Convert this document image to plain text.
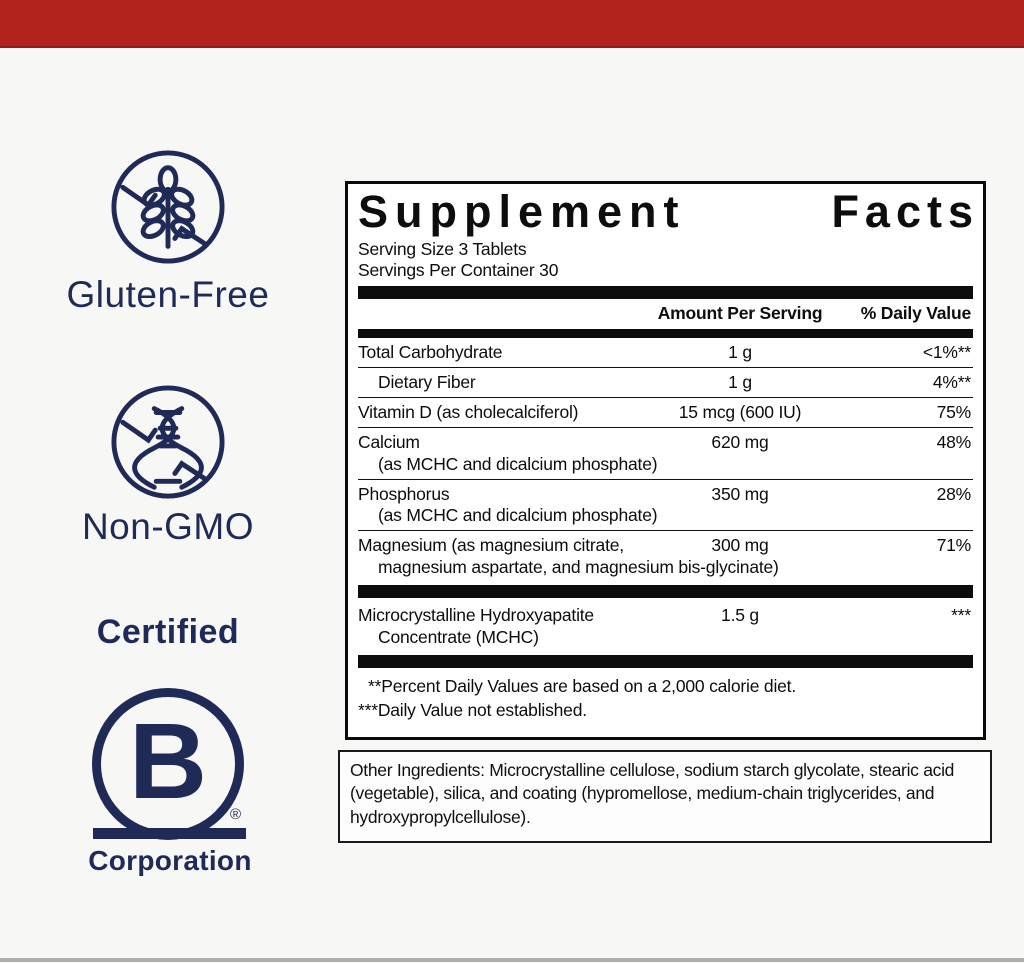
Gluten-Free
Non-GMO
Certified
B ®
Corporation
Supplement	Facts
Serving Size 3 Tablets
Servings Per Container 30
Amount Per Serving	% Daily Value
Total Carbohydrate	1 g	<1%**
Dietary Fiber	1 g	4%**
Vitamin D (as cholecalciferol)	15 mcg (600 IU)	75%
Calcium	620 mg	48%
(as MCHC and dicalcium phosphate)
Phosphorus	350 mg	28%
(as MCHC and dicalcium phosphate)
Magnesium (as magnesium citrate,	300 mg	71%
magnesium aspartate, and magnesium bis-glycinate)
Microcrystalline Hydroxyapatite	1.5 g	***
Concentrate (MCHC)
**Percent Daily Values are based on a 2,000 calorie diet.
***Daily Value not established.
Other Ingredients: Microcrystalline cellulose, sodium starch glycolate, stearic acid (vegetable), silica, and coating (hypromellose, medium-chain triglycerides, and hydroxypropylcellulose).
